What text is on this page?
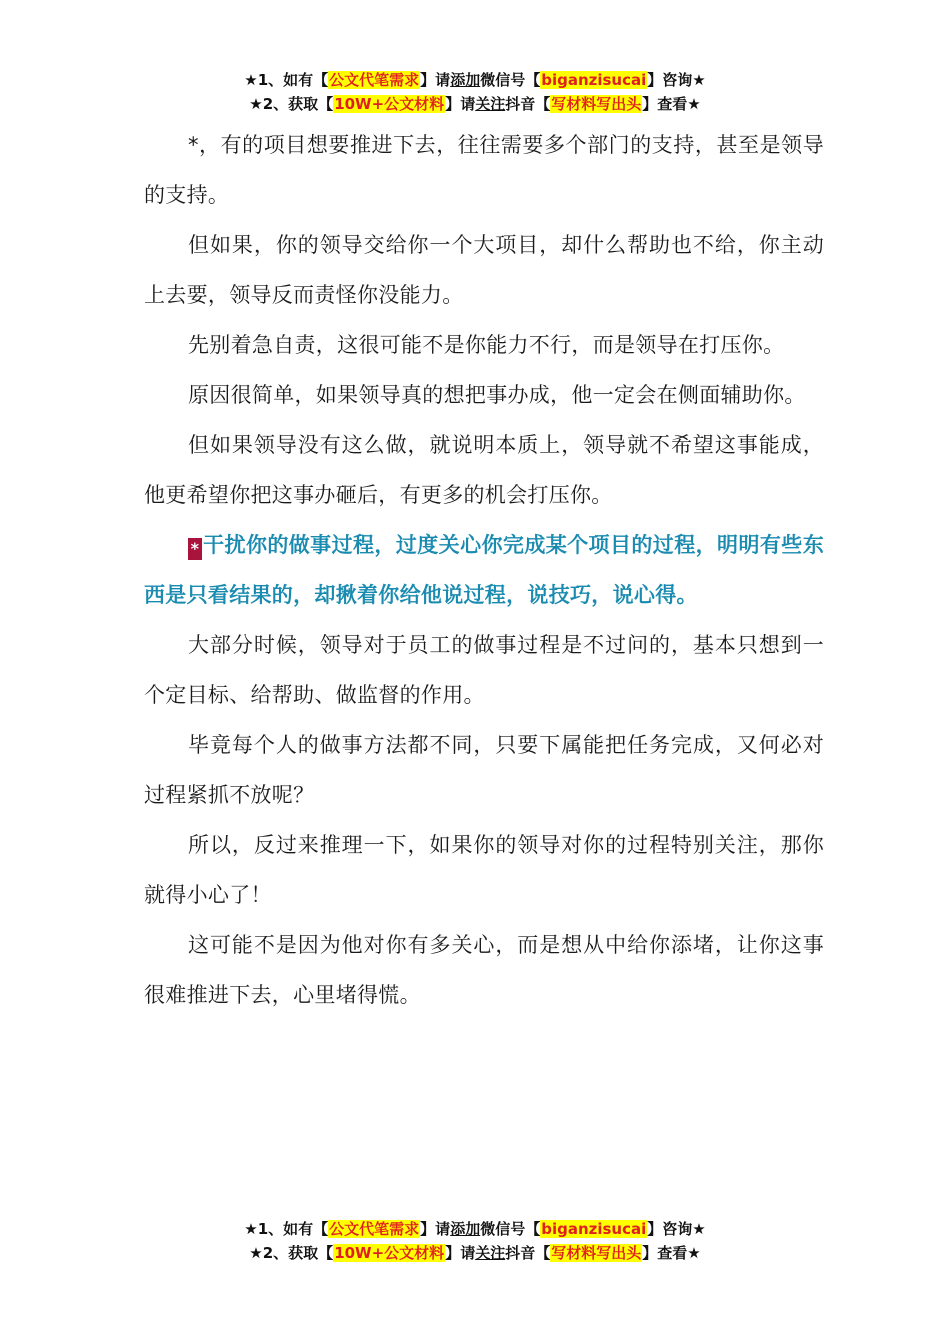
★1、如有【公文代笔需求】请添加微信号【biganzisucai】咨询★
★2、获取【10W+公文材料】请关注抖音【写材料写出头】查看★

*，有的项目想要推进下去，往往需要多个部门的支持，甚至是领导的支持。

但如果，你的领导交给你一个大项目，却什么帮助也不给，你主动上去要，领导反而责怪你没能力。

先别着急自责，这很可能不是你能力不行，而是领导在打压你。

原因很简单，如果领导真的想把事办成，他一定会在侧面辅助你。

但如果领导没有这么做，就说明本质上，领导就不希望这事能成，他更希望你把这事办砸后，有更多的机会打压你。

* 干扰你的做事过程，过度关心你完成某个项目的过程，明明有些东西是只看结果的，却揪着你给他说过程，说技巧，说心得。

大部分时候，领导对于员工的做事过程是不过问的，基本只想到一个定目标、给帮助、做监督的作用。

毕竟每个人的做事方法都不同，只要下属能把任务完成，又何必对过程紧抓不放呢？

所以，反过来推理一下，如果你的领导对你的过程特别关注，那你就得小心了！

这可能不是因为他对你有多关心，而是想从中给你添堵，让你这事很难推进下去，心里堵得慌。

★1、如有【公文代笔需求】请添加微信号【biganzisucai】咨询★
★2、获取【10W+公文材料】请关注抖音【写材料写出头】查看★
